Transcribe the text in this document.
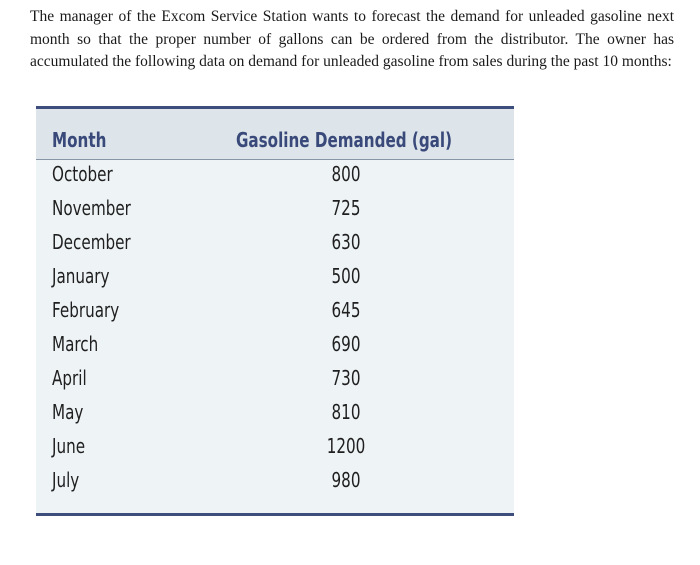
The manager of the Excom Service Station wants to forecast the demand for unleaded gasoline next month so that the proper number of gallons can be ordered from the distributor. The owner has accumulated the following data on demand for unleaded gasoline from sales during the past 10 months:

Month	Gasoline Demanded (gal)
October	800
November	725
December	630
January	500
February	645
March	690
April	730
May	810
June	1200
July	980
